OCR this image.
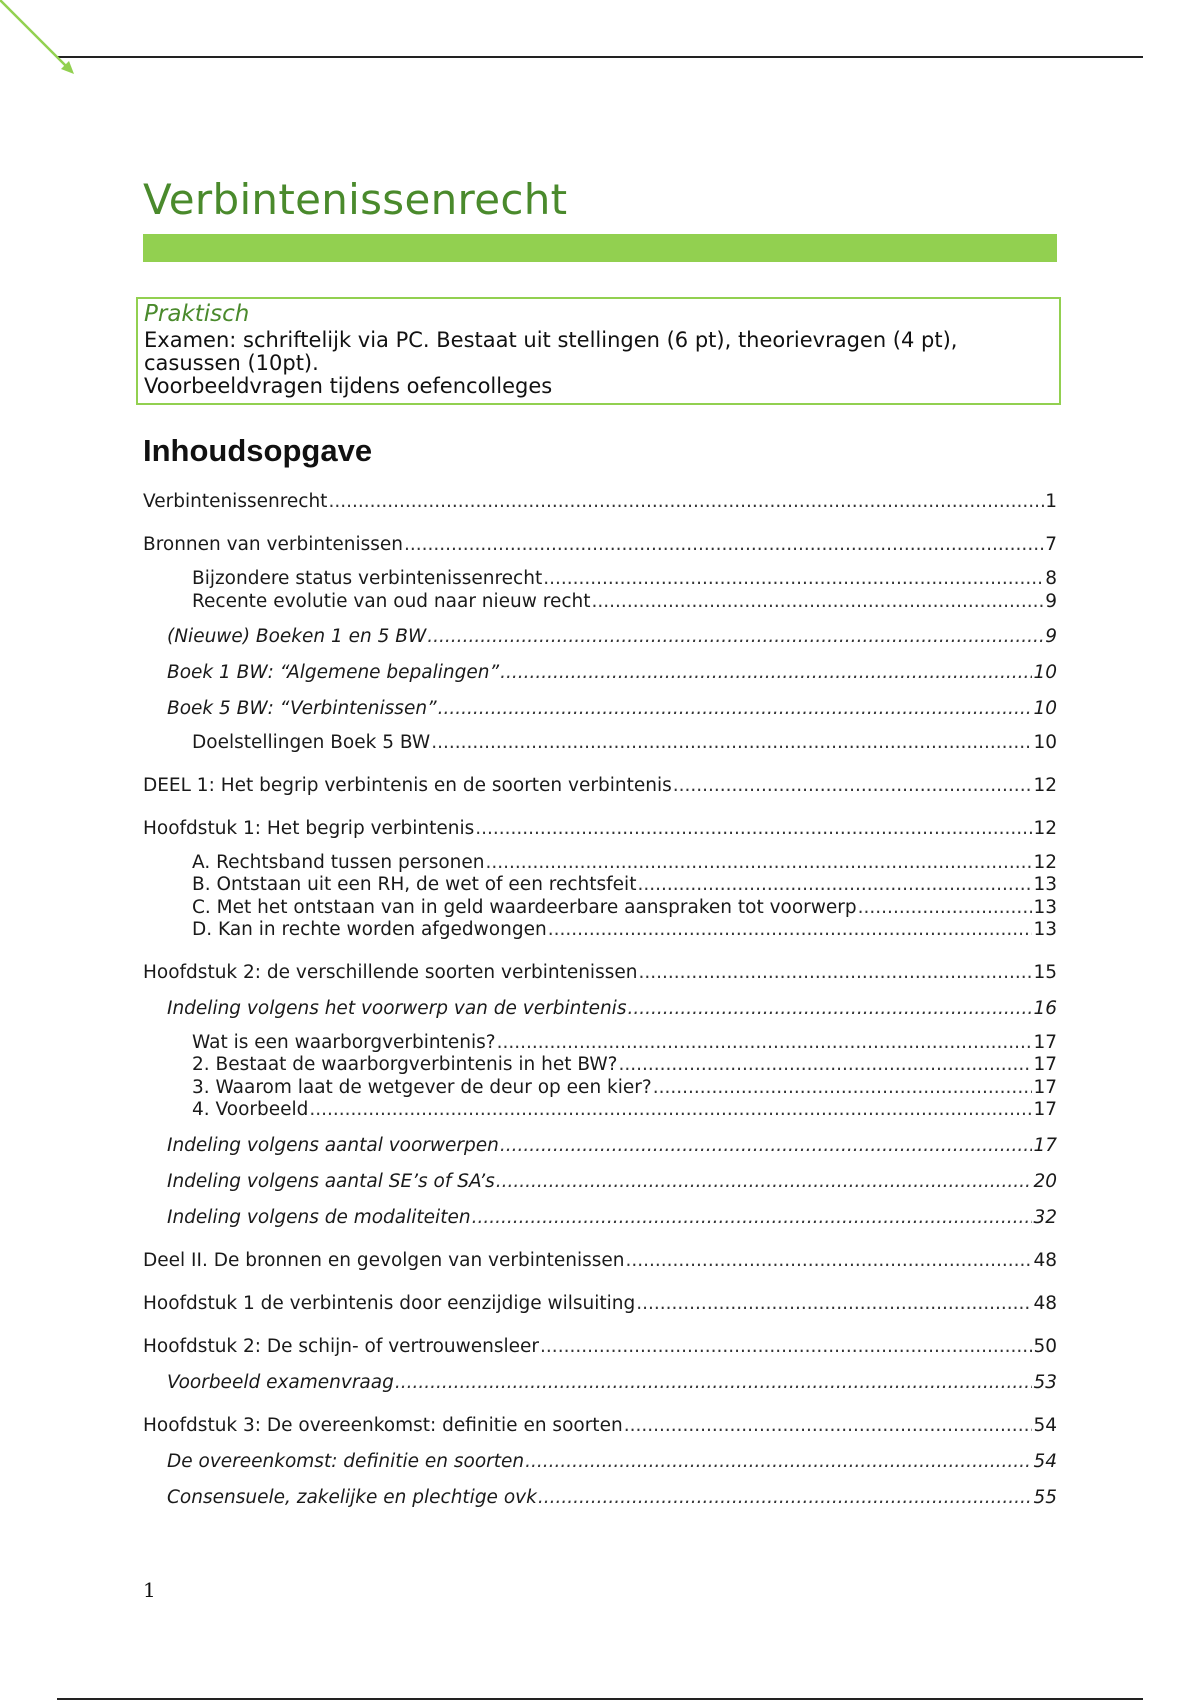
Verbintenissenrecht
Praktisch
Examen: schriftelijk via PC. Bestaat uit stellingen (6 pt), theorievragen (4 pt),
casussen (10pt).
Voorbeeldvragen tijdens oefencolleges
Inhoudsopgave
Verbintenissenrecht .....	1
Bronnen van verbintenissen .....	7
Bijzondere status verbintenissenrecht .....	8
Recente evolutie van oud naar nieuw recht .....	9
(Nieuwe) Boeken 1 en 5 BW .....	9
Boek 1 BW: “Algemene bepalingen” .....	10
Boek 5 BW: “Verbintenissen” .....	10
Doelstellingen Boek 5 BW .....	10
DEEL 1: Het begrip verbintenis en de soorten verbintenis .....	12
Hoofdstuk 1: Het begrip verbintenis .....	12
A. Rechtsband tussen personen .....	12
B. Ontstaan uit een RH, de wet of een rechtsfeit .....	13
C. Met het ontstaan van in geld waardeerbare aanspraken tot voorwerp .....	13
D. Kan in rechte worden afgedwongen .....	13
Hoofdstuk 2: de verschillende soorten verbintenissen .....	15
Indeling volgens het voorwerp van de verbintenis .....	16
Wat is een waarborgverbintenis? .....	17
2. Bestaat de waarborgverbintenis in het BW? .....	17
3. Waarom laat de wetgever de deur op een kier? .....	17
4. Voorbeeld .....	17
Indeling volgens aantal voorwerpen .....	17
Indeling volgens aantal SE’s of SA’s .....	20
Indeling volgens de modaliteiten .....	32
Deel II. De bronnen en gevolgen van verbintenissen .....	48
Hoofdstuk 1 de verbintenis door eenzijdige wilsuiting .....	48
Hoofdstuk 2: De schijn- of vertrouwensleer .....	50
Voorbeeld examenvraag .....	53
Hoofdstuk 3: De overeenkomst: definitie en soorten .....	54
De overeenkomst: definitie en soorten .....	54
Consensuele, zakelijke en plechtige ovk .....	55
1
